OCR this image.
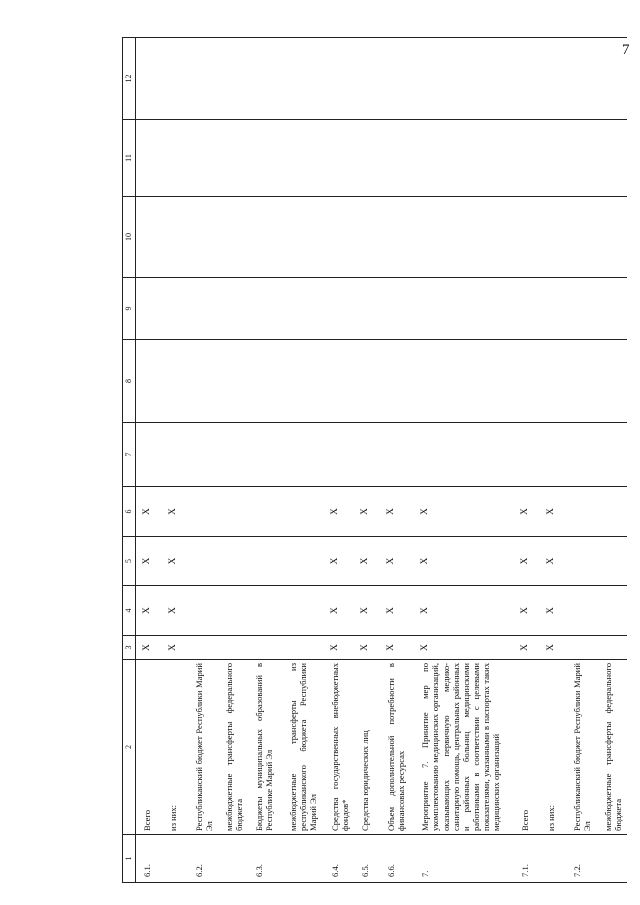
7
1	2	3	4	5	6	7	8	9	10	11	12
6.1.	Всего	X	X	X	X						
	из них:	X	X	X	X						
6.2.	Республиканский бюджет Республики Марий Эл										
	межбюджетные трансферты федерального бюджета										
6.3.	Бюджеты муниципальных образований в Республике Марий Эл										
	межбюджетные трансферты из республиканского бюджета Республики Марий Эл										
6.4.	Средства государственных внебюджетных фондов*	X	X	X	X						
6.5.	Средства юридических лиц	X	X	X	X						
6.6.	Объем дополнительной потребности в финансовых ресурсах	X	X	X	X						
7.	Мероприятие 7. Принятие мер по укомплектованию медицинских организаций, оказывающих первичную медико-санитарную помощь, центральных районных и районных больниц медицинскими работниками в соответствии с целевыми показателями, указанными в паспортах таких медицинских организаций	X	X	X	X						
7.1.	Всего	X	X	X	X						
	из них:	X	X	X	X						
7.2.	Республиканский бюджет Республики Марий Эл										
	межбюджетные трансферты федерального бюджета										
